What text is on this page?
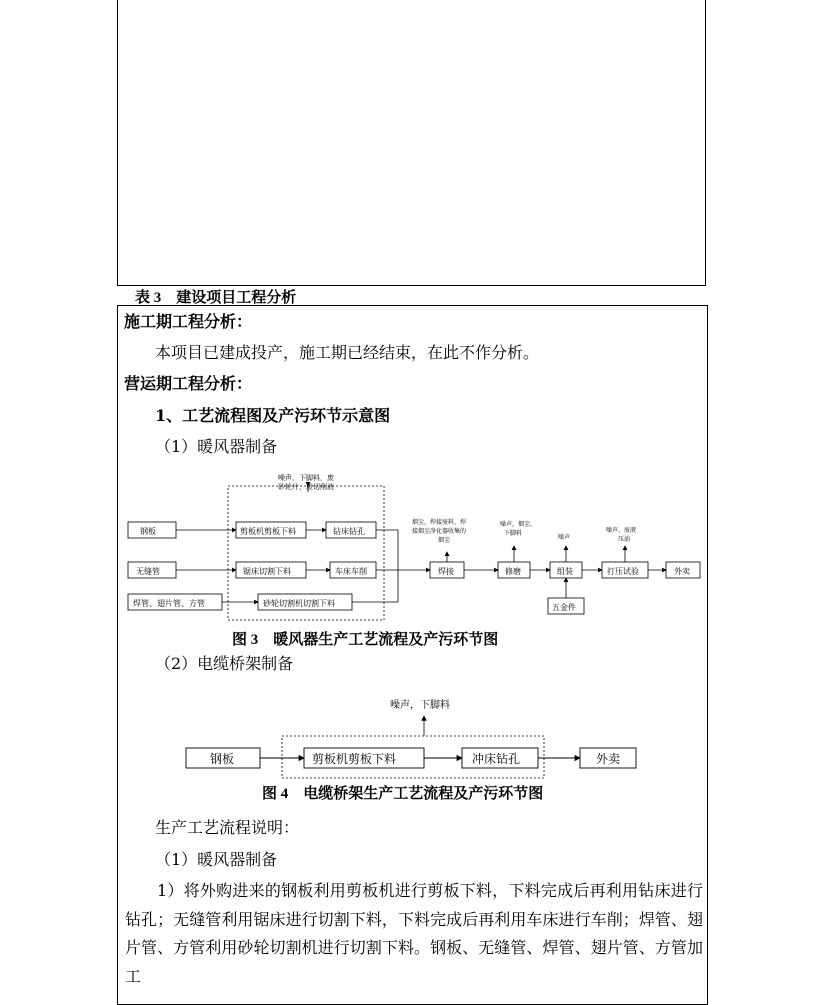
表 3　建设项目工程分析
施工期工程分析：
本项目已建成投产，施工期已经结束，在此不作分析。
营运期工程分析：
1、工艺流程图及产污环节示意图
（1）暖风器制备
噪声，下脚料，废
砂轮片，废切削液
钢板	剪板机剪板下料	钻床钻孔
无缝管	锯床切割下料	车床车削
焊管、翅片管、方管	砂轮切割机切割下料
焊接	修磨	组装	打压试验	外卖
五金件
烟尘，焊接废料，焊
接烟尘净化器收集的
烟尘
噪声，烟尘，
下脚料
噪声
噪声，废液
压油
图 3　暖风器生产工艺流程及产污环节图
（2）电缆桥架制备
噪声，下脚料
钢板	剪板机剪板下料	冲床钻孔	外卖
图 4　电缆桥架生产工艺流程及产污环节图
生产工艺流程说明：
（1）暖风器制备
1）将外购进来的钢板利用剪板机进行剪板下料，下料完成后再利用钻床进行钻孔；无缝管利用锯床进行切割下料，下料完成后再利用车床进行车削；焊管、翅片管、方管利用砂轮切割机进行切割下料。钢板、无缝管、焊管、翅片管、方管加工
